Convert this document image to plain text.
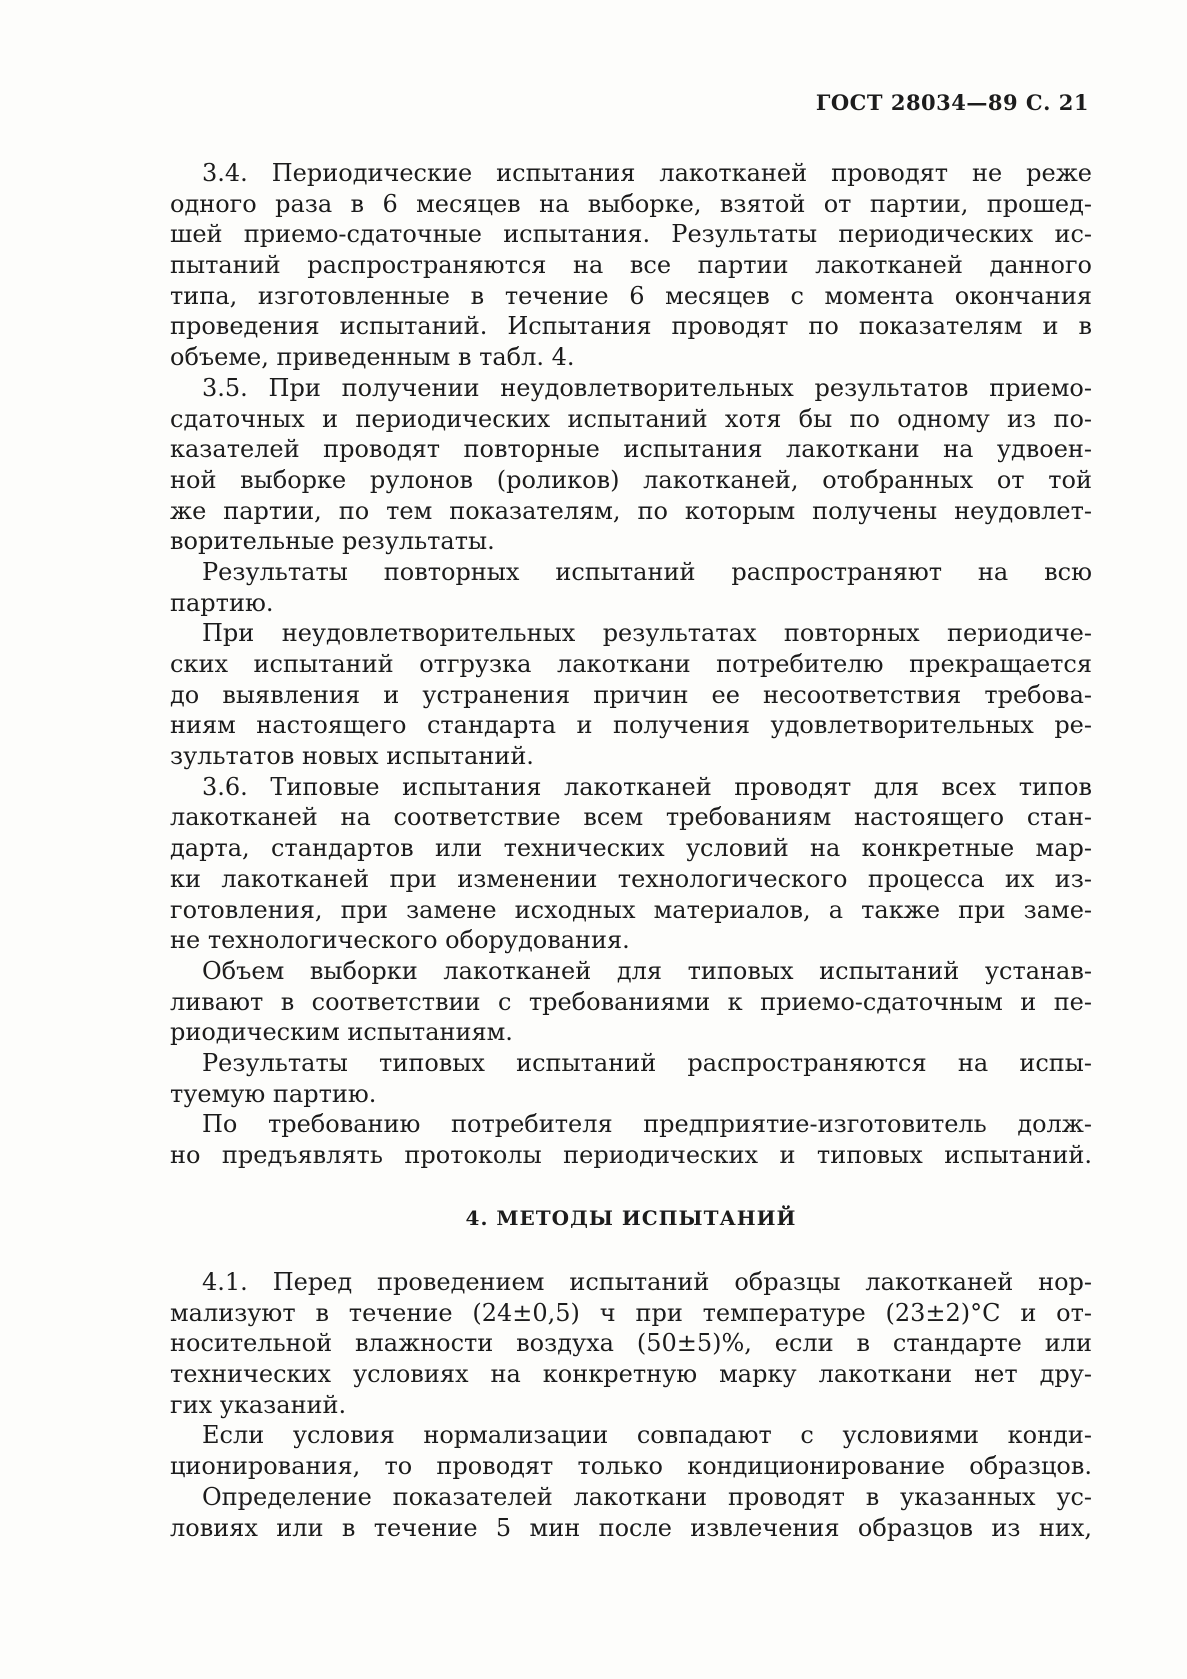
ГОСТ 28034—89 С. 21
3.4. Периодические испытания лакотканей проводят не реже
одного раза в 6 месяцев на выборке, взятой от партии, прошед-
шей приемо-сдаточные испытания. Результаты периодических ис-
пытаний распространяются на все партии лакотканей данного
типа, изготовленные в течение 6 месяцев с момента окончания
проведения испытаний. Испытания проводят по показателям и в
объеме, приведенным в табл. 4.
3.5. При получении неудовлетворительных результатов приемо-
сдаточных и периодических испытаний хотя бы по одному из по-
казателей проводят повторные испытания лакоткани на удвоен-
ной выборке рулонов (роликов) лакотканей, отобранных от той
же партии, по тем показателям, по которым получены неудовлет-
ворительные результаты.
Результаты повторных испытаний распространяют на всю
партию.
При неудовлетворительных результатах повторных периодиче-
ских испытаний отгрузка лакоткани потребителю прекращается
до выявления и устранения причин ее несоответствия требова-
ниям настоящего стандарта и получения удовлетворительных ре-
зультатов новых испытаний.
3.6. Типовые испытания лакотканей проводят для всех типов
лакотканей на соответствие всем требованиям настоящего стан-
дарта, стандартов или технических условий на конкретные мар-
ки лакотканей при изменении технологического процесса их из-
готовления, при замене исходных материалов, а также при заме-
не технологического оборудования.
Объем выборки лакотканей для типовых испытаний устанав-
ливают в соответствии с требованиями к приемо-сдаточным и пе-
риодическим испытаниям.
Результаты типовых испытаний распространяются на испы-
туемую партию.
По требованию потребителя предприятие-изготовитель долж-
но предъявлять протоколы периодических и типовых испытаний.
4. МЕТОДЫ ИСПЫТАНИЙ
4.1. Перед проведением испытаний образцы лакотканей нор-
мализуют в течение (24±0,5) ч при температуре (23±2)°С и от-
носительной влажности воздуха (50±5)%, если в стандарте или
технических условиях на конкретную марку лакоткани нет дру-
гих указаний.
Если условия нормализации совпадают с условиями конди-
ционирования, то проводят только кондиционирование образцов.
Определение показателей лакоткани проводят в указанных ус-
ловиях или в течение 5 мин после извлечения образцов из них,
